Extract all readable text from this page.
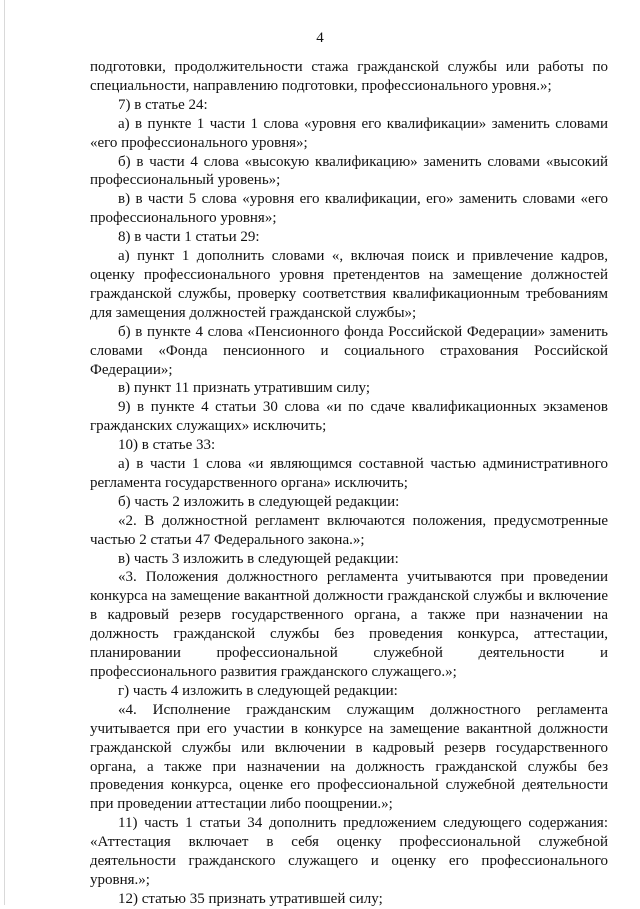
4

подготовки, продолжительности стажа гражданской службы или работы по специальности, направлению подготовки, профессионального уровня.»;

7) в статье 24:

а) в пункте 1 части 1 слова «уровня его квалификации» заменить словами «его профессионального уровня»;

б) в части 4 слова «высокую квалификацию» заменить словами «высокий профессиональный уровень»;

в) в части 5 слова «уровня его квалификации, его» заменить словами «его профессионального уровня»;

8) в части 1 статьи 29:

а) пункт 1 дополнить словами «, включая поиск и привлечение кадров, оценку профессионального уровня претендентов на замещение должностей гражданской службы, проверку соответствия квалификационным требованиям для замещения должностей гражданской службы»;

б) в пункте 4 слова «Пенсионного фонда Российской Федерации» заменить словами «Фонда пенсионного и социального страхования Российской Федерации»;

в) пункт 11 признать утратившим силу;

9) в пункте 4 статьи 30 слова «и по сдаче квалификационных экзаменов гражданских служащих» исключить;

10) в статье 33:

а) в части 1 слова «и являющимся составной частью административного регламента государственного органа» исключить;

б) часть 2 изложить в следующей редакции:

«2. В должностной регламент включаются положения, предусмотренные частью 2 статьи 47 Федерального закона.»;

в) часть 3 изложить в следующей редакции:

«3. Положения должностного регламента учитываются при проведении конкурса на замещение вакантной должности гражданской службы и включение в кадровый резерв государственного органа, а также при назначении на должность гражданской службы без проведения конкурса, аттестации, планировании профессиональной служебной деятельности и профессионального развития гражданского служащего.»;

г) часть 4 изложить в следующей редакции:

«4. Исполнение гражданским служащим должностного регламента учитывается при его участии в конкурсе на замещение вакантной должности гражданской службы или включении в кадровый резерв государственного органа, а также при назначении на должность гражданской службы без проведения конкурса, оценке его профессиональной служебной деятельности при проведении аттестации либо поощрении.»;

11) часть 1 статьи 34 дополнить предложением следующего содержания: «Аттестация включает в себя оценку профессиональной служебной деятельности гражданского служащего и оценку его профессионального уровня.»;

12) статью 35 признать утратившей силу;
